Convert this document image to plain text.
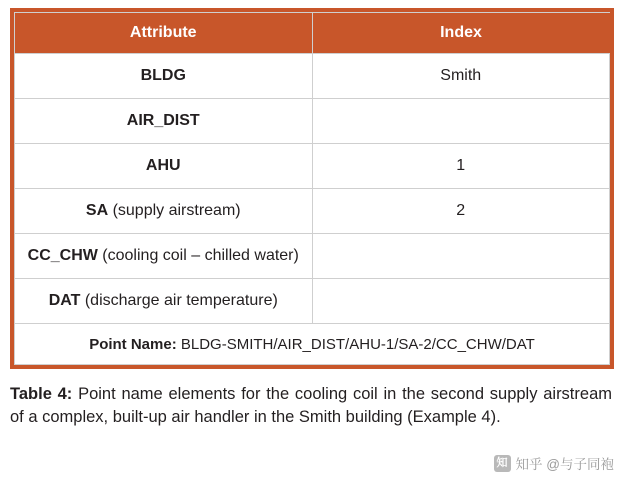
Attribute	Index
BLDG	Smith
AIR_DIST	
AHU	1
SA (supply airstream)	2
CC_CHW (cooling coil – chilled water)	
DAT (discharge air temperature)	
Point Name: BLDG-SMITH/AIR_DIST/AHU-1/SA-2/CC_CHW/DAT	
Table 4: Point name elements for the cooling coil in the second supply airstream of a complex, built-up air handler in the Smith building (Example 4).
知 知乎 @与子同袍
